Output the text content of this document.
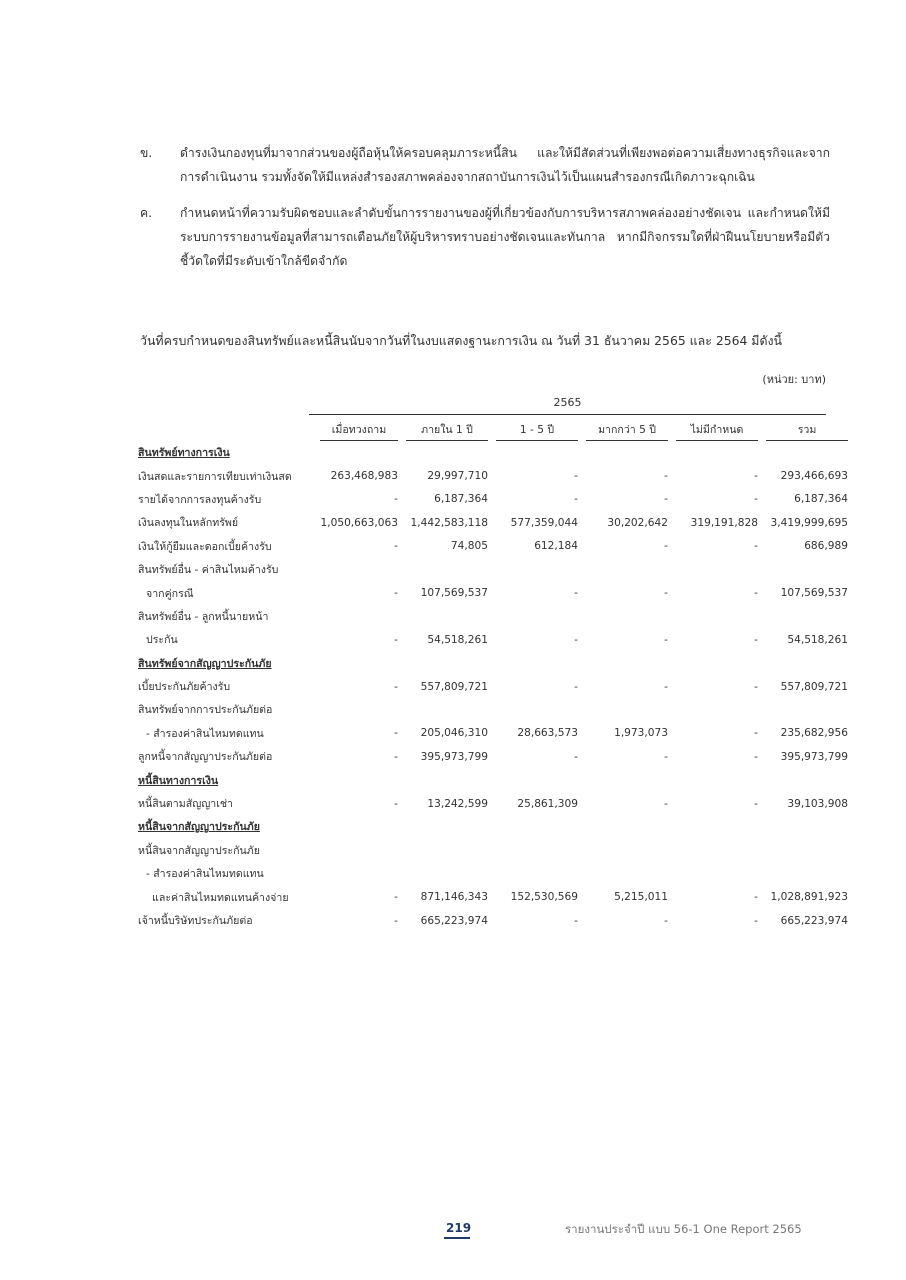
ข. ดำรงเงินกองทุนที่มาจากส่วนของผู้ถือหุ้นให้ครอบคลุมภาระหนี้สิน และให้มีสัดส่วนที่เพียงพอต่อความเสี่ยงทางธุรกิจและจากการดำเนินงาน รวมทั้งจัดให้มีแหล่งสำรองสภาพคล่องจากสถาบันการเงินไว้เป็นแผนสำรองกรณีเกิดภาวะฉุกเฉิน
ค. กำหนดหน้าที่ความรับผิดชอบและลำดับขั้นการรายงานของผู้ที่เกี่ยวข้องกับการบริหารสภาพคล่องอย่างชัดเจน และกำหนดให้มีระบบการรายงานข้อมูลที่สามารถเตือนภัยให้ผู้บริหารทราบอย่างชัดเจนและทันกาล หากมีกิจกรรมใดที่ฝ่าฝืนนโยบายหรือมีตัวชี้วัดใดที่มีระดับเข้าใกล้ขีดจำกัด
วันที่ครบกำหนดของสินทรัพย์และหนี้สินนับจากวันที่ในงบแสดงฐานะการเงิน ณ วันที่ 31 ธันวาคม 2565 และ 2564 มีดังนี้
(หน่วย: บาท)
2565
	เมื่อทวงถาม		ภายใน 1 ปี		1 - 5 ปี		มากกว่า 5 ปี		ไม่มีกำหนด		รวม
สินทรัพย์ทางการเงิน											
เงินสดและรายการเทียบเท่าเงินสด	263,468,983		29,997,710		-		-		-		293,466,693
รายได้จากการลงทุนค้างรับ	-		6,187,364		-		-		-		6,187,364
เงินลงทุนในหลักทรัพย์	1,050,663,063		1,442,583,118		577,359,044		30,202,642		319,191,828		3,419,999,695
เงินให้กู้ยืมและดอกเบี้ยค้างรับ	-		74,805		612,184		-		-		686,989
สินทรัพย์อื่น - ค่าสินไหมค้างรับ											
จากคู่กรณี	-		107,569,537		-		-		-		107,569,537
สินทรัพย์อื่น - ลูกหนี้นายหน้า											
ประกัน	-		54,518,261		-		-		-		54,518,261
สินทรัพย์จากสัญญาประกันภัย											
เบี้ยประกันภัยค้างรับ	-		557,809,721		-		-		-		557,809,721
สินทรัพย์จากการประกันภัยต่อ											
- สำรองค่าสินไหมทดแทน	-		205,046,310		28,663,573		1,973,073		-		235,682,956
ลูกหนี้จากสัญญาประกันภัยต่อ	-		395,973,799		-		-		-		395,973,799
หนี้สินทางการเงิน											
หนี้สินตามสัญญาเช่า	-		13,242,599		25,861,309		-		-		39,103,908
หนี้สินจากสัญญาประกันภัย											
หนี้สินจากสัญญาประกันภัย											
- สำรองค่าสินไหมทดแทน											
และค่าสินไหมทดแทนค้างจ่าย	-		871,146,343		152,530,569		5,215,011		-		1,028,891,923
เจ้าหนี้บริษัทประกันภัยต่อ	-		665,223,974		-		-		-		665,223,974
219	รายงานประจำปี แบบ 56-1 One Report 2565
